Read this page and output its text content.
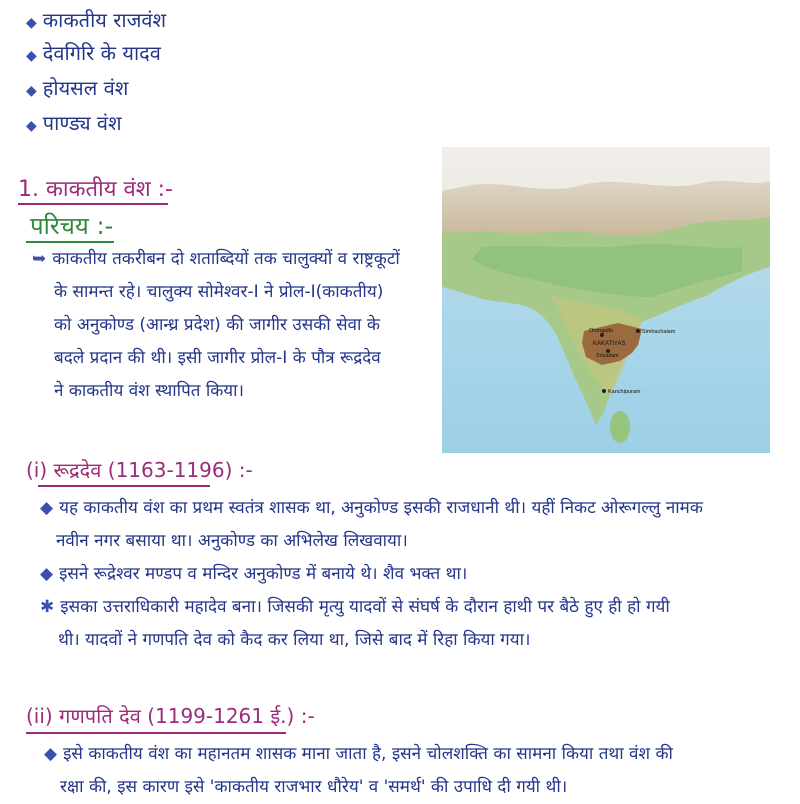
◆ काकतीय राजवंश
◆ देवगिरि के यादव
◆ होयसल वंश
◆ पाण्ड्य वंश
1. काकतीय वंश :-
परिचय :-
➥ काकतीय तकरीबन दो शताब्दियों तक चालुक्यों व राष्ट्रकूटों
के सामन्त रहे। चालुक्य सोमेश्वर-I ने प्रोल-I(काकतीय)
को अनुकोण्ड (आन्ध्र प्रदेश) की जागीर उसकी सेवा के
बदले प्रदान की थी। इसी जागीर प्रोल-I के पौत्र रूद्रदेव
ने काकतीय वंश स्थापित किया।
Orungallu	Simhachalam
KAKATIYAS
Srisailam
Kanchipuram
(i) रूद्रदेव (1163-1196) :-
◆ यह काकतीय वंश का प्रथम स्वतंत्र शासक था, अनुकोण्ड इसकी राजधानी थी। यहीं निकट ओरूगल्लु नामक
नवीन नगर बसाया था। अनुकोण्ड का अभिलेख लिखवाया।
◆ इसने रूद्रेश्वर मण्डप व मन्दिर अनुकोण्ड में बनाये थे। शैव भक्त था।
✱ इसका उत्तराधिकारी महादेव बना। जिसकी मृत्यु यादवों से संघर्ष के दौरान हाथी पर बैठे हुए ही हो गयी
थी। यादवों ने गणपति देव को कैद कर लिया था, जिसे बाद में रिहा किया गया।
(ii) गणपति देव (1199-1261 ई.) :-
◆ इसे काकतीय वंश का महानतम शासक माना जाता है, इसने चोलशक्ति का सामना किया तथा वंश की
रक्षा की, इस कारण इसे 'काकतीय राजभार धौरेय' व 'समर्थ' की उपाधि दी गयी थी।
